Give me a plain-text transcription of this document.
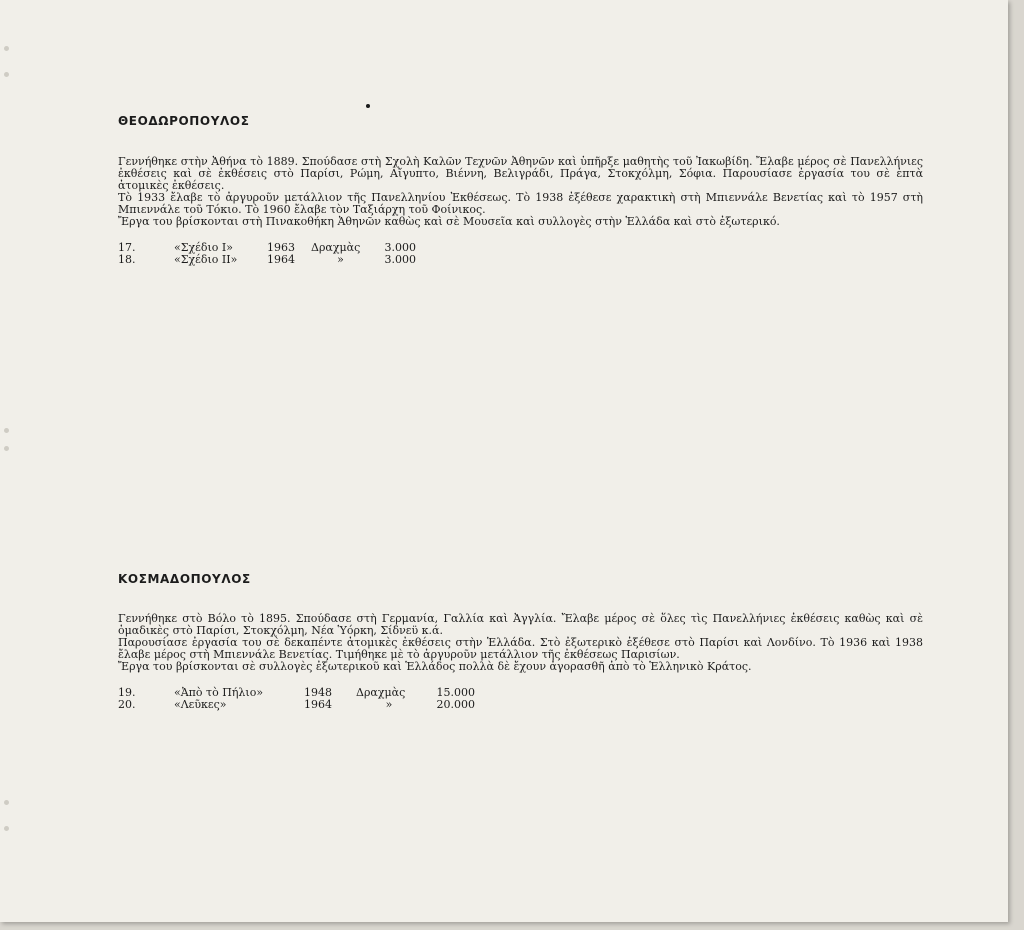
ΘΕΟΔΩΡΟΠΟΥΛΟΣ

Γεννήθηκε στὴν Ἀθήνα τὸ 1889. Σπούδασε στὴ Σχολὴ Καλῶν Τεχνῶν Ἀθηνῶν καὶ ὑπῆρξε μαθητὴς τοῦ Ἰακωβίδη. Ἔλαβε μέρος σὲ Πανελλήνιες ἐκθέσεις καὶ σὲ ἐκθέσεις στὸ Παρίσι, Ρώμη, Αἴγυπτο, Βιέννη, Βελιγράδι, Πράγα, Στοκχόλμη, Σόφια. Παρουσίασε ἐργασία του σὲ ἑπτὰ ἀτομικὲς ἐκθέσεις.

Τὸ 1933 ἔλαβε τὸ ἀργυροῦν μετάλλιον τῆς Πανελληνίου Ἐκθέσεως. Τὸ 1938 ἐξέθεσε χαρακτικὴ στὴ Μπιεννάλε Βενετίας καὶ τὸ 1957 στὴ Μπιεννάλε τοῦ Τόκιο. Τὸ 1960 ἔλαβε τὸν Ταξιάρχη τοῦ Φοίνικος.

Ἔργα του βρίσκονται στὴ Πινακοθήκη Ἀθηνῶν καθὼς καὶ σὲ Μουσεῖα καὶ συλλογὲς στὴν Ἑλλάδα καὶ στὸ ἐξωτερικό.

17.	«Σχέδιο Ι»	1963	Δραχμὰς	3.000
18.	«Σχέδιο ΙΙ»	1964	»	3.000
ΚΟΣΜΑΔΟΠΟΥΛΟΣ

Γεννήθηκε στὸ Βόλο τὸ 1895. Σπούδασε στὴ Γερμανία, Γαλλία καὶ Ἀγγλία. Ἔλαβε μέρος σὲ ὅλες τὶς Πανελλήνιες ἐκθέσεις καθὼς καὶ σὲ ὁμαδικὲς στὸ Παρίσι, Στοκχόλμη, Νέα Ὑόρκη, Σίδνεϋ κ.ά.

Παρουσίασε ἐργασία του σὲ δεκαπέντε ἀτομικὲς ἐκθέσεις στὴν Ἑλλάδα. Στὸ ἐξωτερικὸ ἐξέθεσε στὸ Παρίσι καὶ Λονδίνο. Τὸ 1936 καὶ 1938 ἔλαβε μέρος στὴ Μπιεννάλε Βενετίας. Τιμήθηκε μὲ τὸ ἀργυροῦν μετάλλιον τῆς ἐκθέσεως Παρισίων.

Ἔργα του βρίσκονται σὲ συλλογὲς ἐξωτερικοῦ καὶ Ἑλλάδος πολλὰ δὲ ἔχουν ἀγορασθῆ ἀπὸ τὸ Ἑλληνικὸ Κράτος.

19.	«Ἀπὸ τὸ Πήλιο»	1948	Δραχμὰς	15.000
20.	«Λεῦκες»	1964	»	20.000
